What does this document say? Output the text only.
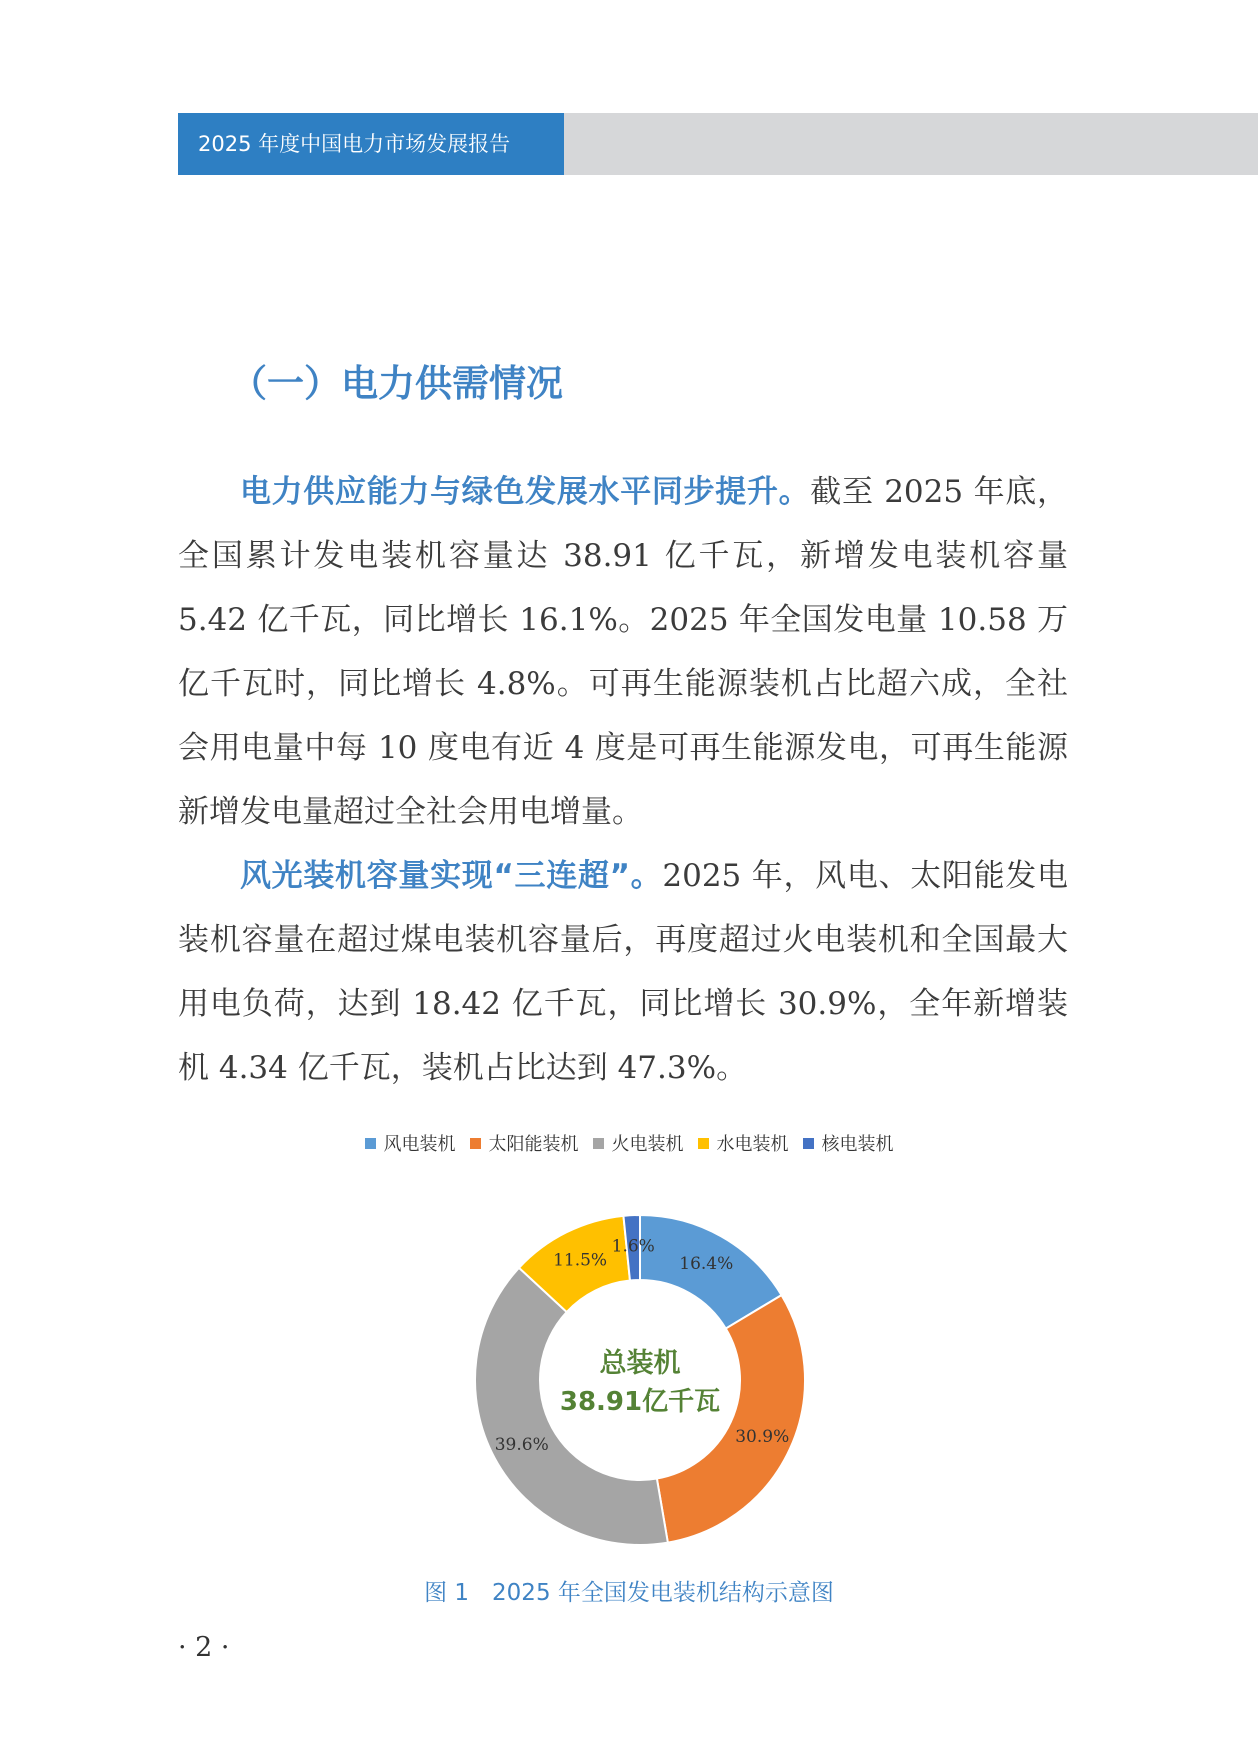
2025 年度中国电力市场发展报告
（一）电力供需情况

电力供应能力与绿色发展水平同步提升。截至 2025 年底，全国累计发电装机容量达 38.91 亿千瓦，新增发电装机容量 5.42 亿千瓦，同比增长 16.1%。2025 年全国发电量 10.58 万亿千瓦时，同比增长 4.8%。可再生能源装机占比超六成，全社会用电量中每 10 度电有近 4 度是可再生能源发电，可再生能源新增发电量超过全社会用电增量。

风光装机容量实现“三连超”。2025 年，风电、太阳能发电装机容量在超过煤电装机容量后，再度超过火电装机和全国最大用电负荷，达到 18.42 亿千瓦，同比增长 30.9%，全年新增装机 4.34 亿千瓦，装机占比达到 47.3%。

风电装机 太阳能装机 火电装机 水电装机 核电装机
16.4%
30.9%
39.6%
11.5%
1.6%
总装机
38.91亿千瓦
图 1　2025 年全国发电装机结构示意图
· 2 ·
